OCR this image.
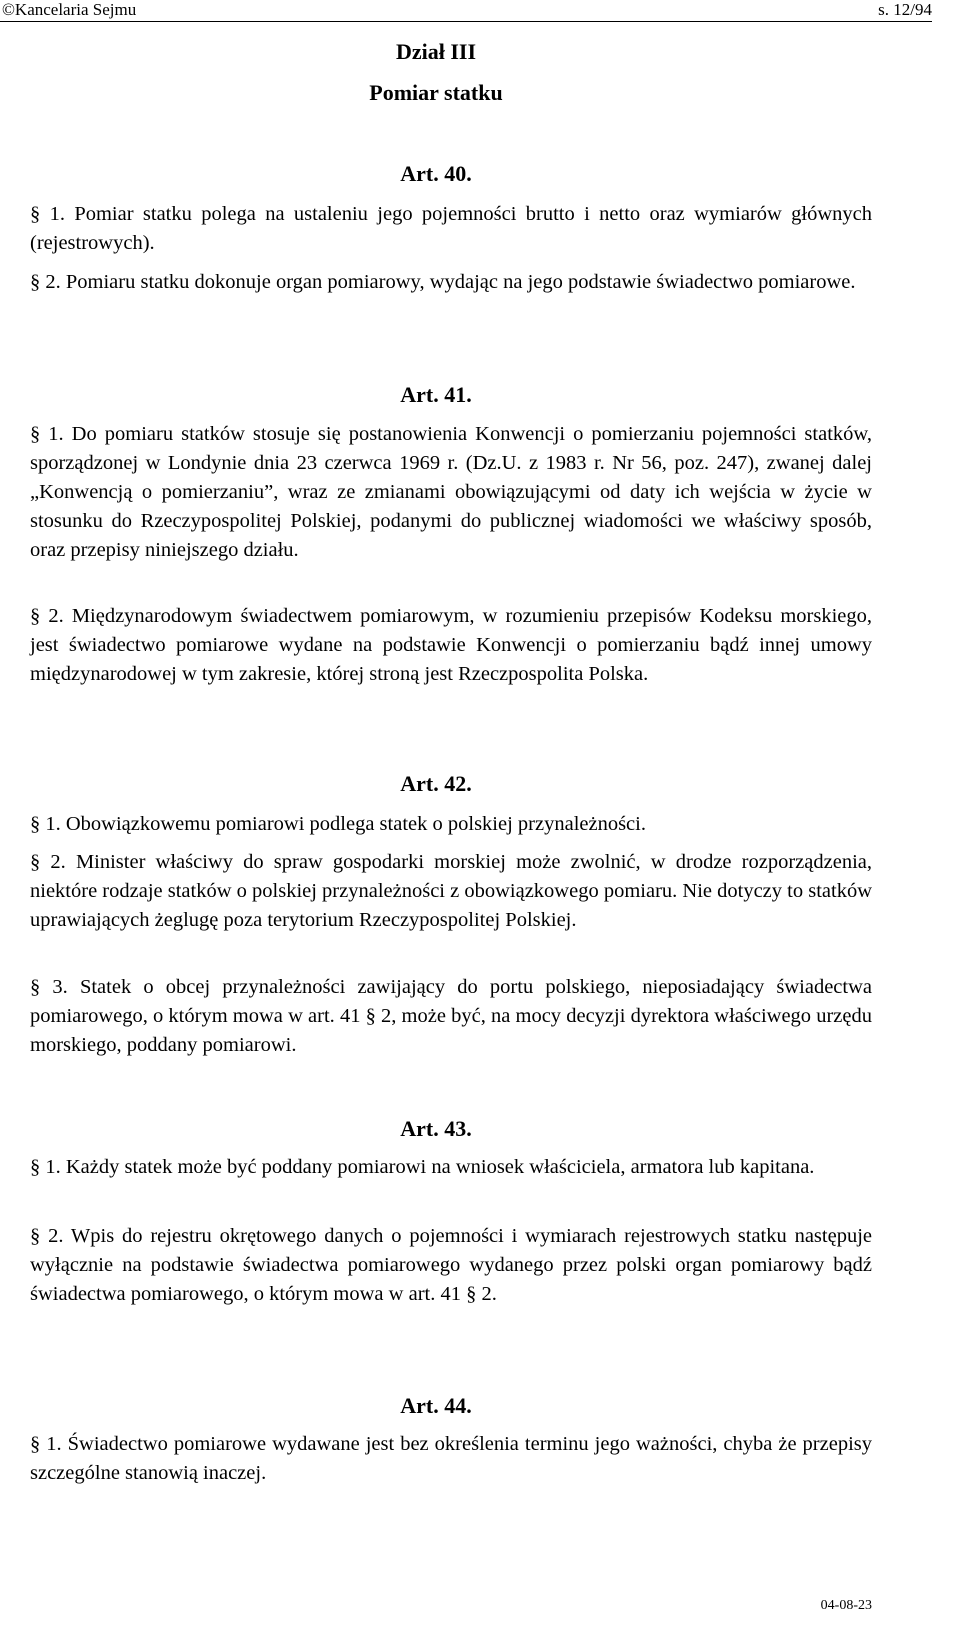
©Kancelaria Sejmu	s. 12/94
Dział III
Pomiar statku
Art. 40.
§ 1. Pomiar statku polega na ustaleniu jego pojemności brutto i netto oraz wymiarów głównych (rejestrowych).
§ 2. Pomiaru statku dokonuje organ pomiarowy, wydając na jego podstawie świadectwo pomiarowe.
Art. 41.
§ 1. Do pomiaru statków stosuje się postanowienia Konwencji o pomierzaniu pojemności statków, sporządzonej w Londynie dnia 23 czerwca 1969 r. (Dz.U. z 1983 r. Nr 56, poz. 247), zwanej dalej „Konwencją o pomierzaniu”, wraz ze zmianami obowiązującymi od daty ich wejścia w życie w stosunku do Rzeczypospolitej Polskiej, podanymi do publicznej wiadomości we właściwy sposób, oraz przepisy niniejszego działu.
§ 2. Międzynarodowym świadectwem pomiarowym, w rozumieniu przepisów Kodeksu morskiego, jest świadectwo pomiarowe wydane na podstawie Konwencji o pomierzaniu bądź innej umowy międzynarodowej w tym zakresie, której stroną jest Rzeczpospolita Polska.
Art. 42.
§ 1. Obowiązkowemu pomiarowi podlega statek o polskiej przynależności.
§ 2. Minister właściwy do spraw gospodarki morskiej może zwolnić, w drodze rozporządzenia, niektóre rodzaje statków o polskiej przynależności z obowiązkowego pomiaru. Nie dotyczy to statków uprawiających żeglugę poza terytorium Rzeczypospolitej Polskiej.
§ 3. Statek o obcej przynależności zawijający do portu polskiego, nieposiadający świadectwa pomiarowego, o którym mowa w art. 41 § 2, może być, na mocy decyzji dyrektora właściwego urzędu morskiego, poddany pomiarowi.
Art. 43.
§ 1. Każdy statek może być poddany pomiarowi na wniosek właściciela, armatora lub kapitana.
§ 2. Wpis do rejestru okrętowego danych o pojemności i wymiarach rejestrowych statku następuje wyłącznie na podstawie świadectwa pomiarowego wydanego przez polski organ pomiarowy bądź świadectwa pomiarowego, o którym mowa w art. 41 § 2.
Art. 44.
§ 1. Świadectwo pomiarowe wydawane jest bez określenia terminu jego ważności, chyba że przepisy szczególne stanowią inaczej.
04-08-23
